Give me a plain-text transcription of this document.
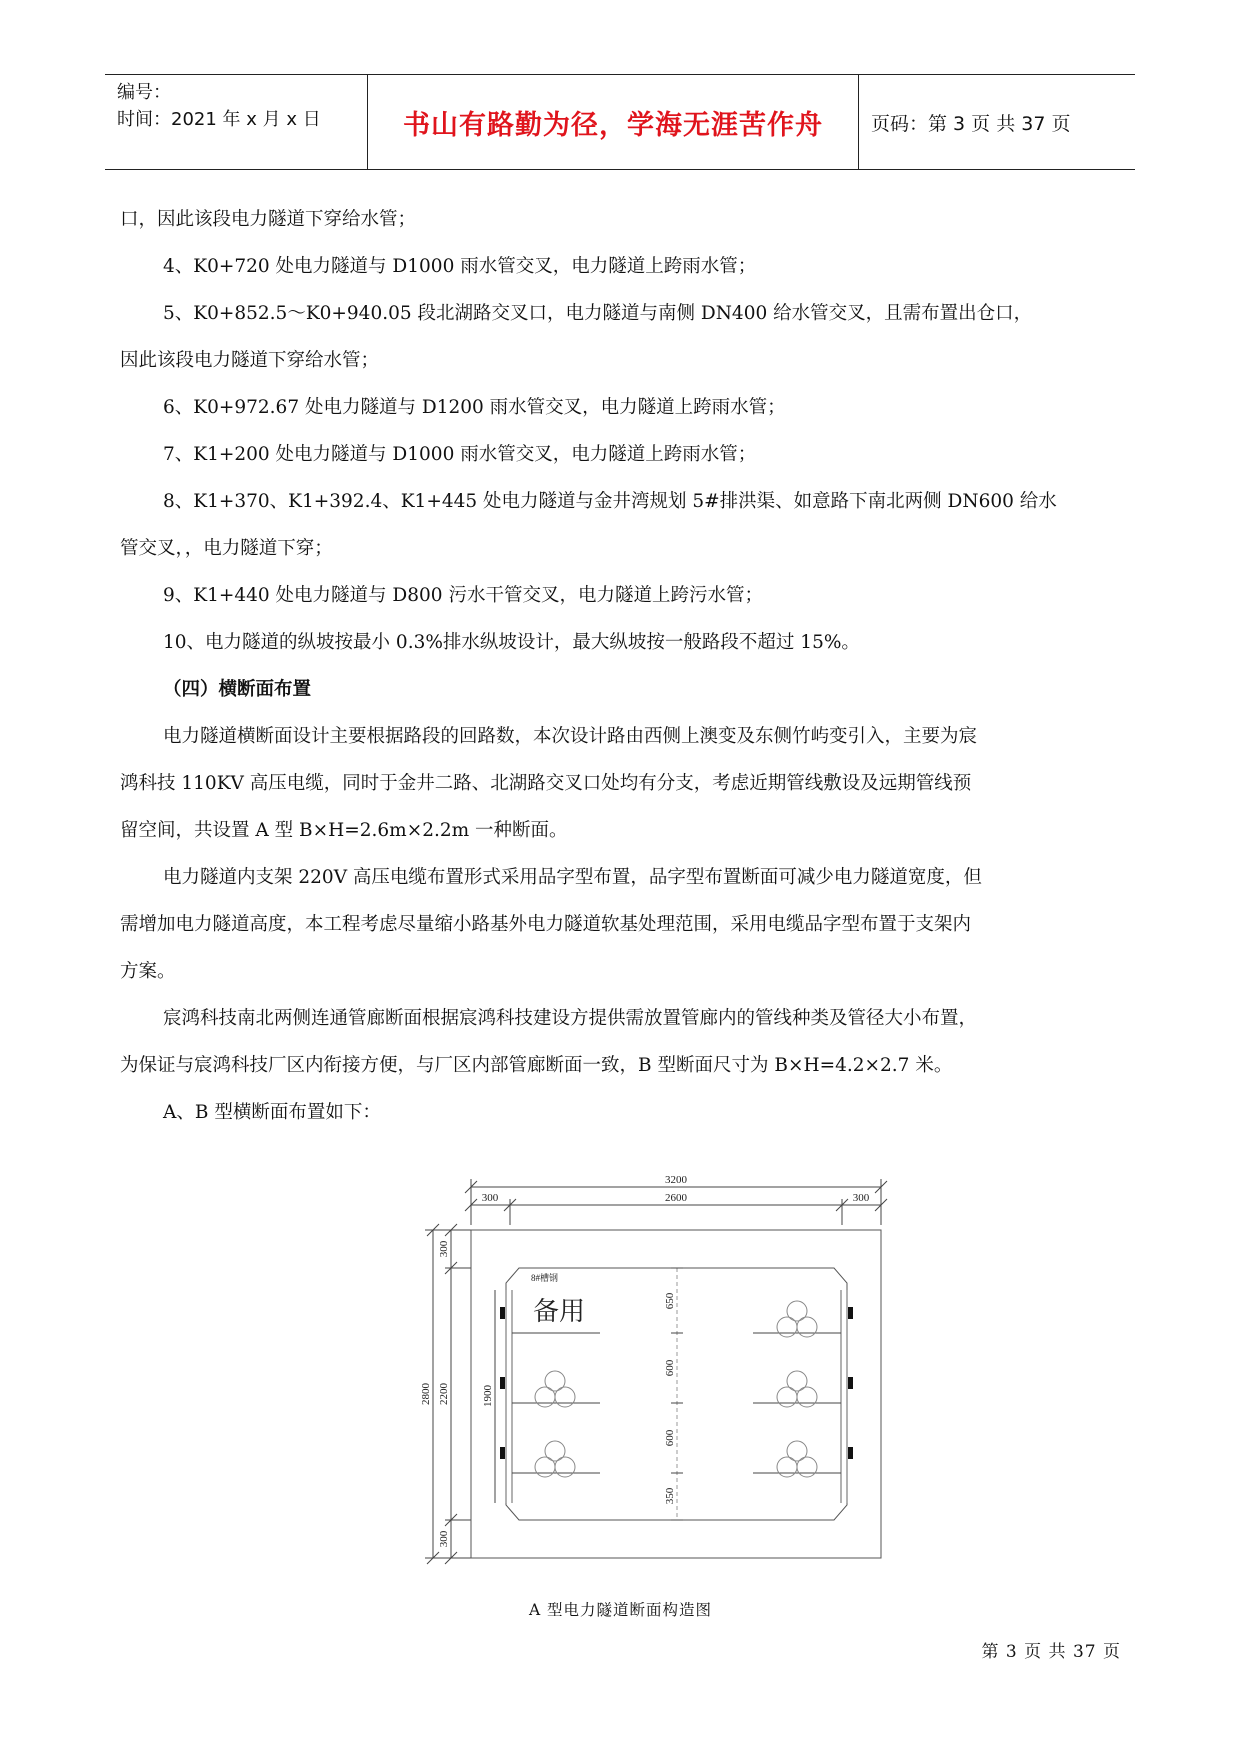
编号：
时间：2021 年 x 月 x 日	书山有路勤为径，学海无涯苦作舟	页码：第 3 页 共 37 页

口，因此该段电力隧道下穿给水管；

4、K0+720 处电力隧道与 D1000 雨水管交叉，电力隧道上跨雨水管；

5、K0+852.5～K0+940.05 段北湖路交叉口，电力隧道与南侧 DN400 给水管交叉，且需布置出仓口，

因此该段电力隧道下穿给水管；

6、K0+972.67 处电力隧道与 D1200 雨水管交叉，电力隧道上跨雨水管；

7、K1+200 处电力隧道与 D1000 雨水管交叉，电力隧道上跨雨水管；

8、K1+370、K1+392.4、K1+445 处电力隧道与金井湾规划 5#排洪渠、如意路下南北两侧 DN600 给水

管交叉，，电力隧道下穿；

9、K1+440 处电力隧道与 D800 污水干管交叉，电力隧道上跨污水管；

10、电力隧道的纵坡按最小 0.3%排水纵坡设计，最大纵坡按一般路段不超过 15%。

（四）横断面布置

电力隧道横断面设计主要根据路段的回路数，本次设计路由西侧上澳变及东侧竹屿变引入，主要为宸

鸿科技 110KV 高压电缆，同时于金井二路、北湖路交叉口处均有分支，考虑近期管线敷设及远期管线预

留空间，共设置 A 型 B×H=2.6m×2.2m 一种断面。

电力隧道内支架 220V 高压电缆布置形式采用品字型布置，品字型布置断面可减少电力隧道宽度，但

需增加电力隧道高度，本工程考虑尽量缩小路基外电力隧道软基处理范围，采用电缆品字型布置于支架内

方案。

宸鸿科技南北两侧连通管廊断面根据宸鸿科技建设方提供需放置管廊内的管线种类及管径大小布置，

为保证与宸鸿科技厂区内衔接方便，与厂区内部管廊断面一致，B 型断面尺寸为 B×H=4.2×2.7 米。

A、B 型横断面布置如下：

3200
300	2600	300
300
2800 2200
300
1900
650
600
600
350
8#槽钢
备用
A 型电力隧道断面构造图
第 3 页 共 37 页
